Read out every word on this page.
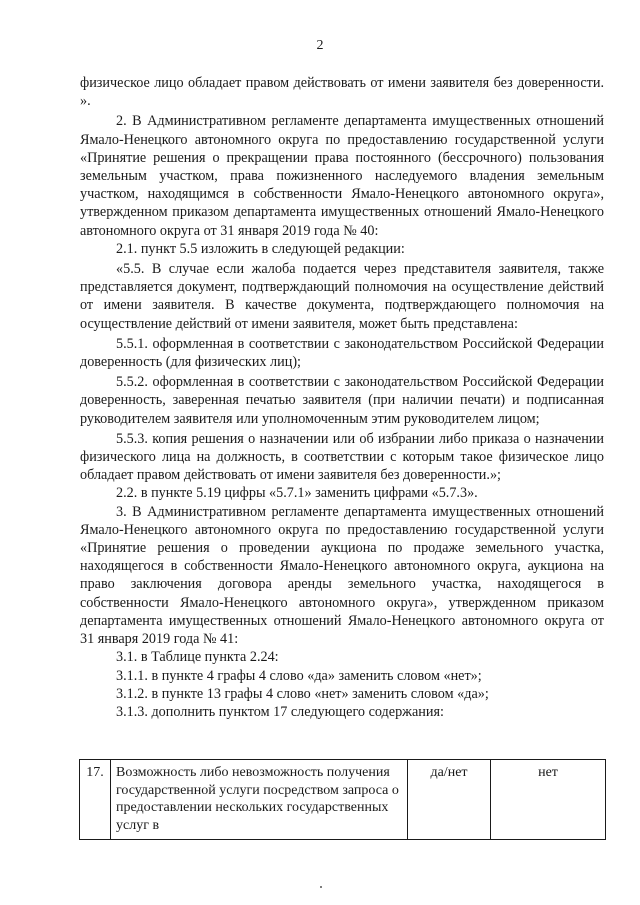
2

физическое лицо обладает правом действовать от имени заявителя без доверенности. ».

2. В Административном регламенте департамента имущественных отношений Ямало-Ненецкого автономного округа по предоставлению государственной услуги «Принятие решения о прекращении права постоянного (бессрочного) пользования земельным участком, права пожизненного наследуемого владения земельным участком, находящимся в собственности Ямало-Ненецкого автономного округа», утвержденном приказом департамента имущественных отношений Ямало-Ненецкого автономного округа от 31 января 2019 года № 40:

2.1. пункт 5.5 изложить в следующей редакции:

«5.5. В случае если жалоба подается через представителя заявителя, также представляется документ, подтверждающий полномочия на осуществление действий от имени заявителя. В качестве документа, подтверждающего полномочия на осуществление действий от имени заявителя, может быть представлена:

5.5.1. оформленная в соответствии с законодательством Российской Федерации доверенность (для физических лиц);

5.5.2. оформленная в соответствии с законодательством Российской Федерации доверенность, заверенная печатью заявителя (при наличии печати) и подписанная руководителем заявителя или уполномоченным этим руководителем лицом;

5.5.3. копия решения о назначении или об избрании либо приказа о назначении физического лица на должность, в соответствии с которым такое физическое лицо обладает правом действовать от имени заявителя без доверенности.»;

2.2. в пункте 5.19 цифры «5.7.1» заменить цифрами «5.7.3».

3. В Административном регламенте департамента имущественных отношений Ямало-Ненецкого автономного округа по предоставлению государственной услуги «Принятие решения о проведении аукциона по продаже земельного участка, находящегося в собственности Ямало-Ненецкого автономного округа, аукциона на право заключения договора аренды земельного участка, находящегося в собственности Ямало-Ненецкого автономного округа», утвержденном приказом департамента имущественных отношений Ямало-Ненецкого автономного округа от 31 января 2019 года № 41:

3.1. в Таблице пункта 2.24:

3.1.1. в пункте 4 графы 4 слово «да» заменить словом «нет»;

3.1.2. в пункте 13 графы 4 слово «нет» заменить словом «да»;

3.1.3. дополнить пунктом 17 следующего содержания:

17.	Возможность либо невозможность получения государственной услуги посредством запроса о предоставлении нескольких государственных услуг в	да/нет	нет
